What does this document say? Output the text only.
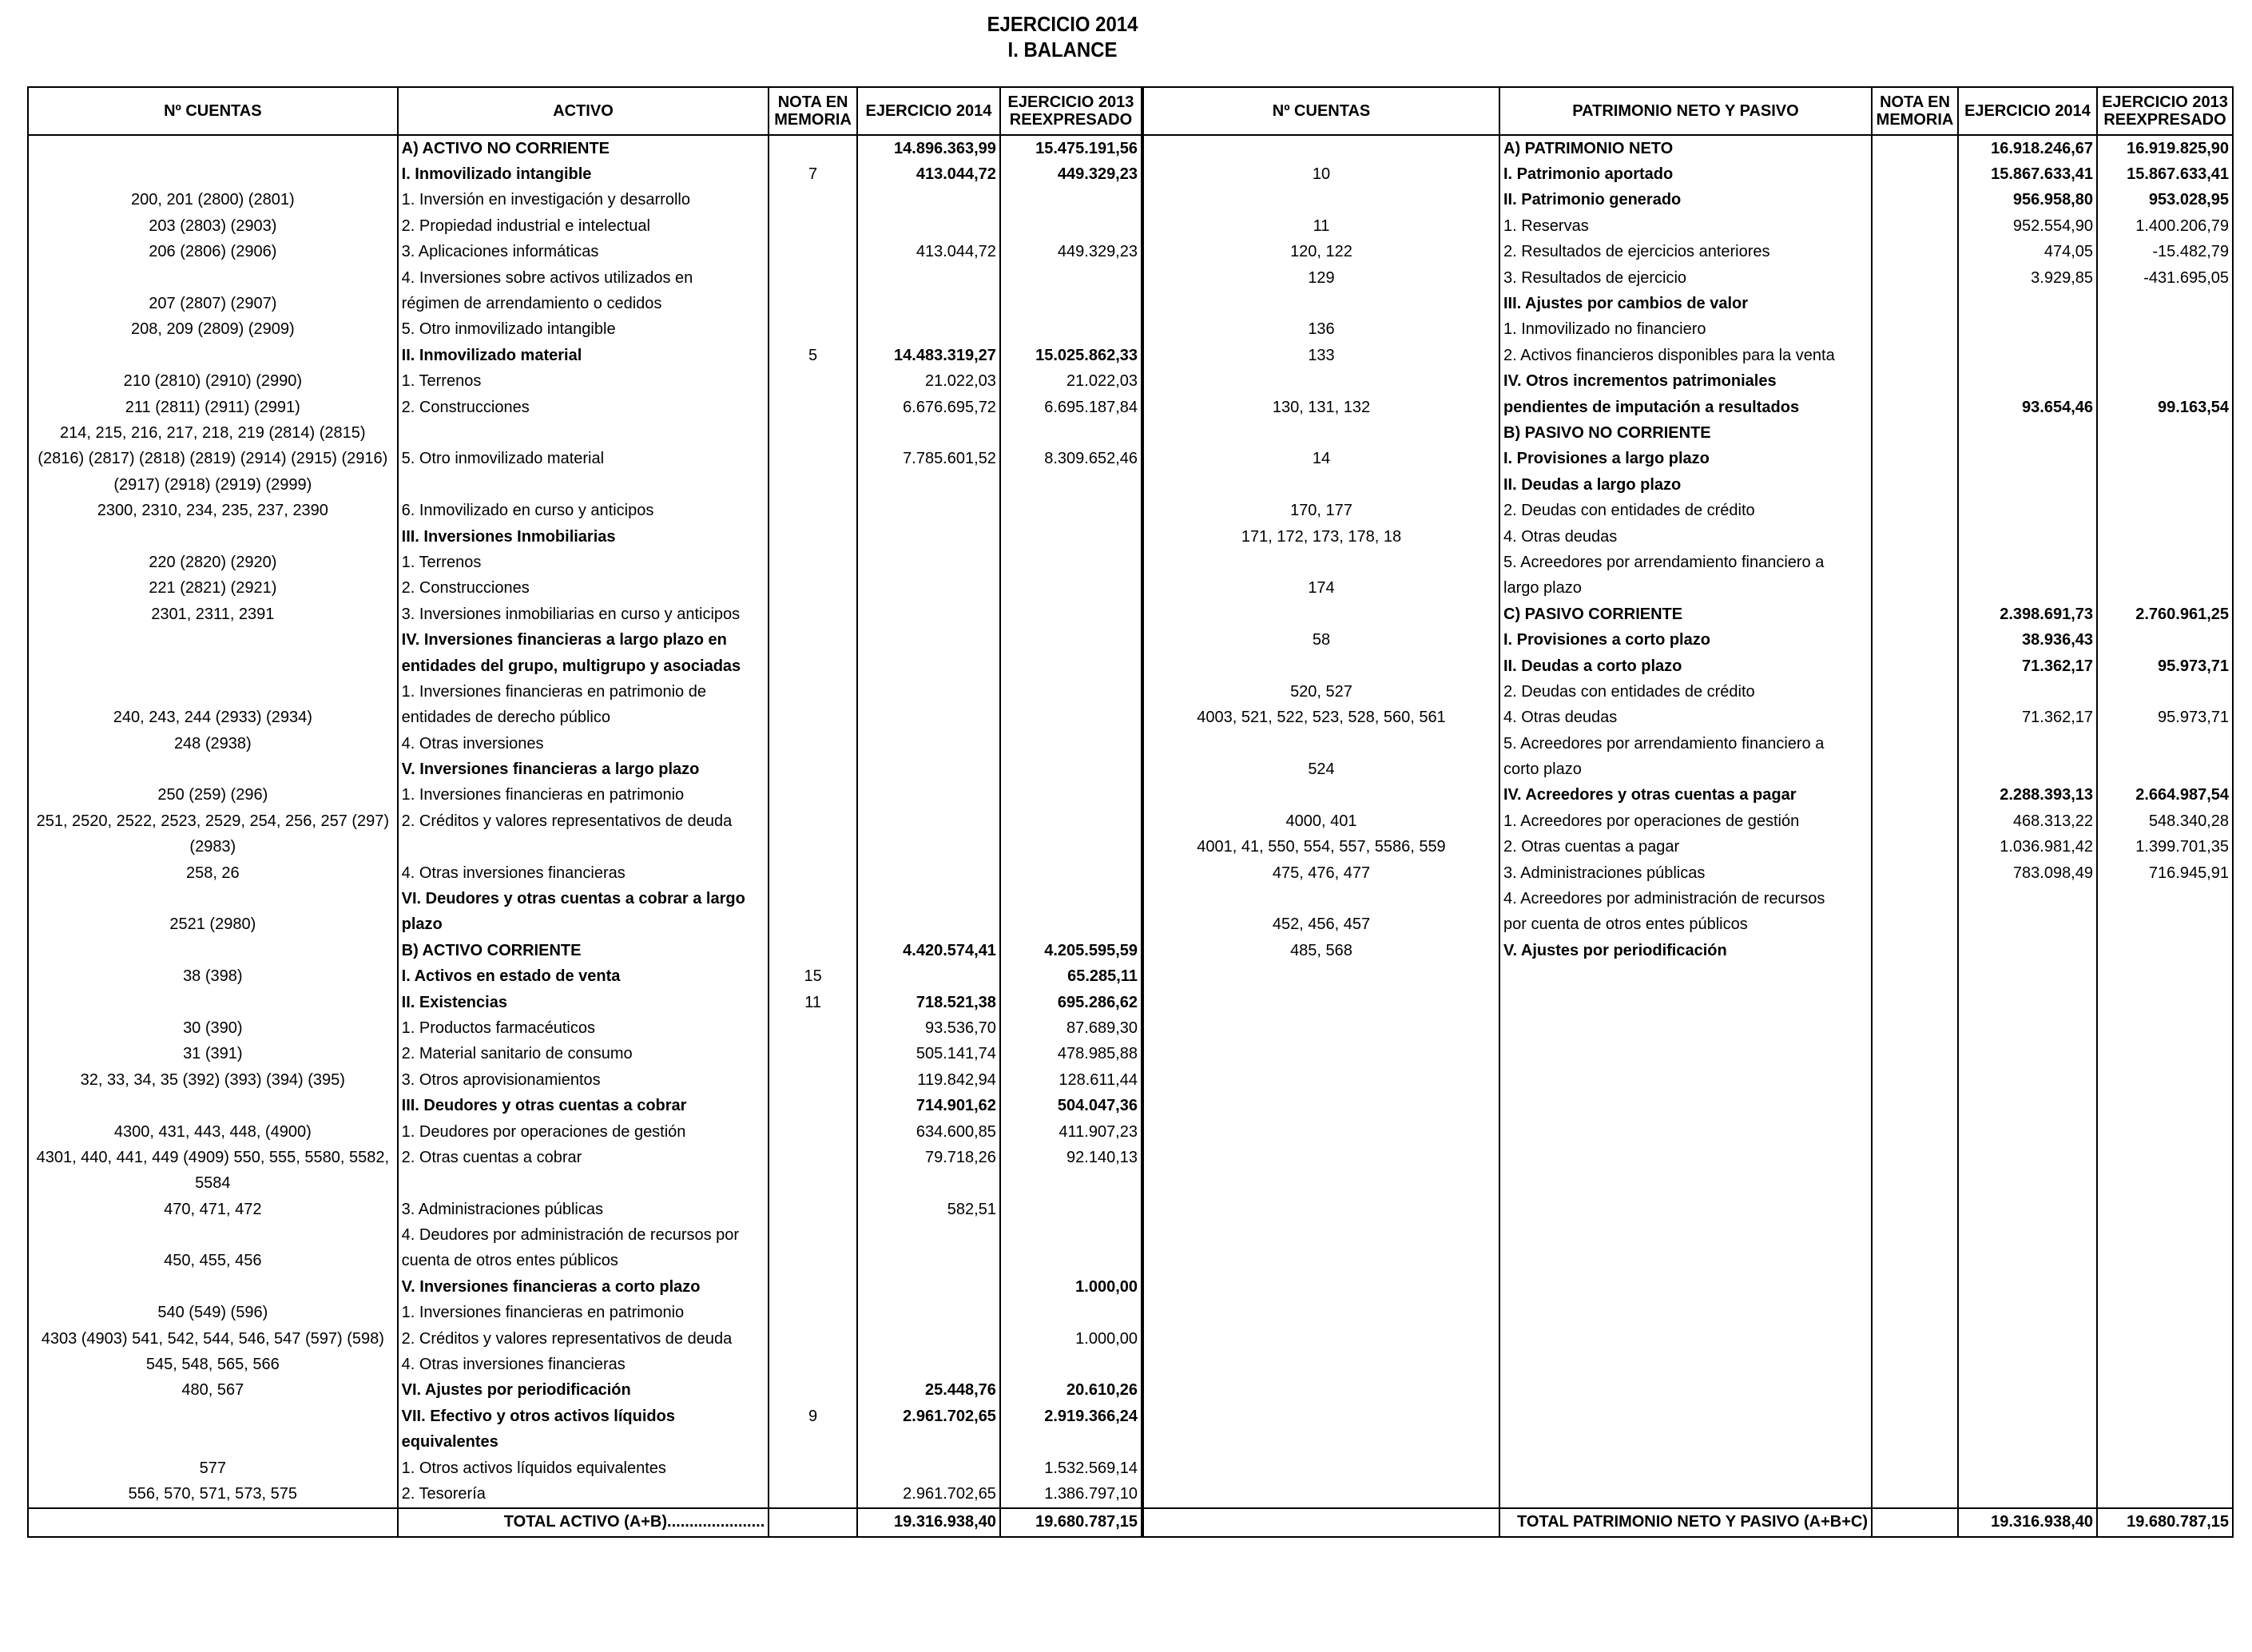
EJERCICIO 2014
I. BALANCE
Nº CUENTAS	ACTIVO	NOTA EN MEMORIA	EJERCICIO 2014	EJERCICIO 2013 REEXPRESADO
	A) ACTIVO NO CORRIENTE		14.896.363,99	15.475.191,56
	I. Inmovilizado intangible	7	413.044,72	449.329,23
200, 201 (2800) (2801)	1. Inversión en investigación y desarrollo			
203 (2803) (2903)	2. Propiedad industrial e intelectual			
206 (2806) (2906)	3. Aplicaciones informáticas		413.044,72	449.329,23
	4. Inversiones sobre activos utilizados en			
207 (2807) (2907)	régimen de arrendamiento o cedidos			
208, 209 (2809) (2909)	5. Otro inmovilizado intangible			
	II. Inmovilizado material	5	14.483.319,27	15.025.862,33
210 (2810) (2910) (2990)	1. Terrenos		21.022,03	21.022,03
211 (2811) (2911) (2991)	2. Construcciones		6.676.695,72	6.695.187,84
214, 215, 216, 217, 218, 219 (2814) (2815)				
(2816) (2817) (2818) (2819) (2914) (2915) (2916)	5. Otro inmovilizado material		7.785.601,52	8.309.652,46
(2917) (2918) (2919) (2999)				
2300, 2310, 234, 235, 237, 2390	6. Inmovilizado en curso y anticipos			
	III. Inversiones Inmobiliarias			
220 (2820) (2920)	1. Terrenos			
221 (2821) (2921)	2. Construcciones			
2301, 2311, 2391	3. Inversiones inmobiliarias en curso y anticipos			
	IV. Inversiones financieras a largo plazo en			
	entidades del grupo, multigrupo y asociadas			
	1. Inversiones financieras en patrimonio de			
240, 243, 244 (2933) (2934)	entidades de derecho público			
248 (2938)	4. Otras inversiones			
	V. Inversiones financieras a largo plazo			
250 (259) (296)	1. Inversiones financieras en patrimonio			
251, 2520, 2522, 2523, 2529, 254, 256, 257 (297)	2. Créditos y valores representativos de deuda			
(2983)				
258, 26	4. Otras inversiones financieras			
	VI. Deudores y otras cuentas a cobrar a largo			
2521 (2980)	plazo			
	B) ACTIVO CORRIENTE		4.420.574,41	4.205.595,59
38 (398)	I. Activos en estado de venta	15		65.285,11
	II. Existencias	11	718.521,38	695.286,62
30 (390)	1. Productos farmacéuticos		93.536,70	87.689,30
31 (391)	2. Material sanitario de consumo		505.141,74	478.985,88
32, 33, 34, 35 (392) (393) (394) (395)	3. Otros aprovisionamientos		119.842,94	128.611,44
	III. Deudores y otras cuentas a cobrar		714.901,62	504.047,36
4300, 431, 443, 448, (4900)	1. Deudores por operaciones de gestión		634.600,85	411.907,23
4301, 440, 441, 449 (4909) 550, 555, 5580, 5582,	2. Otras cuentas a cobrar		79.718,26	92.140,13
5584				
470, 471, 472	3. Administraciones públicas		582,51	
	4. Deudores por administración de recursos por			
450, 455, 456	cuenta de otros entes públicos			
	V. Inversiones financieras a corto plazo			1.000,00
540 (549) (596)	1. Inversiones financieras en patrimonio			
4303 (4903) 541, 542, 544, 546, 547 (597) (598)	2. Créditos y valores representativos de deuda			1.000,00
545, 548, 565, 566	4. Otras inversiones financieras			
480, 567	VI. Ajustes por periodificación		25.448,76	20.610,26
	VII. Efectivo y otros activos líquidos	9	2.961.702,65	2.919.366,24
	equivalentes			
577	1. Otros activos líquidos equivalentes			1.532.569,14
556, 570, 571, 573, 575	2. Tesorería		2.961.702,65	1.386.797,10
	TOTAL ACTIVO (A+B)......................		19.316.938,40	19.680.787,15
Nº CUENTAS	PATRIMONIO NETO Y PASIVO	NOTA EN MEMORIA	EJERCICIO 2014	EJERCICIO 2013 REEXPRESADO
	A) PATRIMONIO NETO		16.918.246,67	16.919.825,90
10	I. Patrimonio aportado		15.867.633,41	15.867.633,41
	II. Patrimonio generado		956.958,80	953.028,95
11	1. Reservas		952.554,90	1.400.206,79
120, 122	2. Resultados de ejercicios anteriores		474,05	-15.482,79
129	3. Resultados de ejercicio		3.929,85	-431.695,05
	III. Ajustes por cambios de valor			
136	1. Inmovilizado no financiero			
133	2. Activos financieros disponibles para la venta			
	IV. Otros incrementos patrimoniales			
130, 131, 132	pendientes de imputación a resultados		93.654,46	99.163,54
	B) PASIVO NO CORRIENTE			
14	I. Provisiones a largo plazo			
	II. Deudas a largo plazo			
170, 177	2. Deudas con entidades de crédito			
171, 172, 173, 178, 18	4. Otras deudas			
	5. Acreedores por arrendamiento financiero a			
174	largo plazo			
	C) PASIVO CORRIENTE		2.398.691,73	2.760.961,25
58	I. Provisiones a corto plazo		38.936,43	
	II. Deudas a corto plazo		71.362,17	95.973,71
520, 527	2. Deudas con entidades de crédito			
4003, 521, 522, 523, 528, 560, 561	4. Otras deudas		71.362,17	95.973,71
	5. Acreedores por arrendamiento financiero a			
524	corto plazo			
	IV. Acreedores y otras cuentas a pagar		2.288.393,13	2.664.987,54
4000, 401	1. Acreedores por operaciones de gestión		468.313,22	548.340,28
4001, 41, 550, 554, 557, 5586, 559	2. Otras cuentas a pagar		1.036.981,42	1.399.701,35
475, 476, 477	3. Administraciones públicas		783.098,49	716.945,91
	4. Acreedores por administración de recursos			
452, 456, 457	por cuenta de otros entes públicos			
485, 568	V. Ajustes por periodificación			

	TOTAL PATRIMONIO NETO Y PASIVO (A+B+C)		19.316.938,40	19.680.787,15
